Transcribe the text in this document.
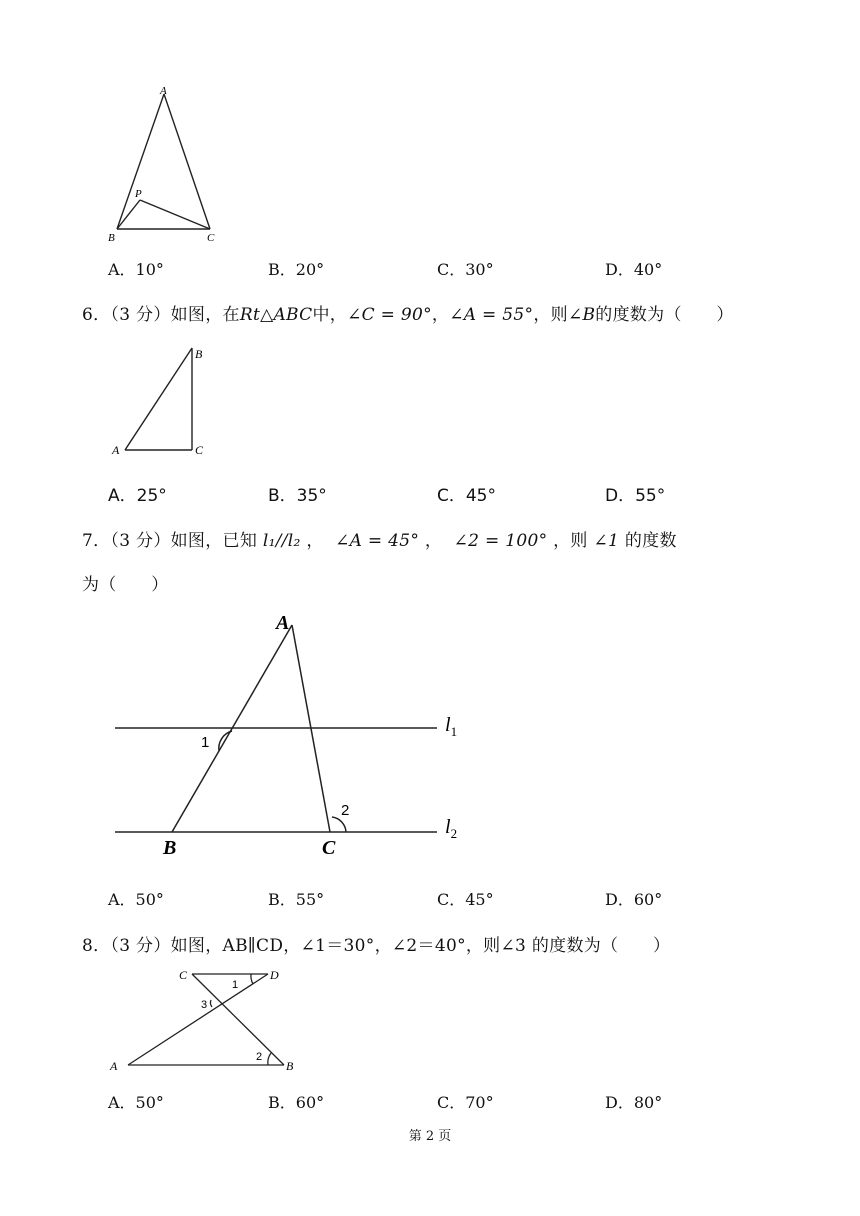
A
P
B	C
A．10°	B．20°	C．30°	D．40°
6．（3 分）如图，在Rt△ABC中，∠C = 90°，∠A = 55°，则∠B的度数为（　　）
B
A	C
A．25°	B．35°	C．45°	D．55°
7．（3 分）如图，已知 l₁//l₂ ， ∠A = 45° ， ∠2 = 100° ，则 ∠1 的度数
为（　　）
A
1
2
B	C
$l_1$
$l_2$
A．50°	B．55°	C．45°	D．60°
8．（3 分）如图，AB∥CD，∠1＝30°，∠2＝40°，则∠3 的度数为（　　）
C	D
A	B
1
2
3
A．50°	B．60°	C．70°	D．80°
第 2 页
